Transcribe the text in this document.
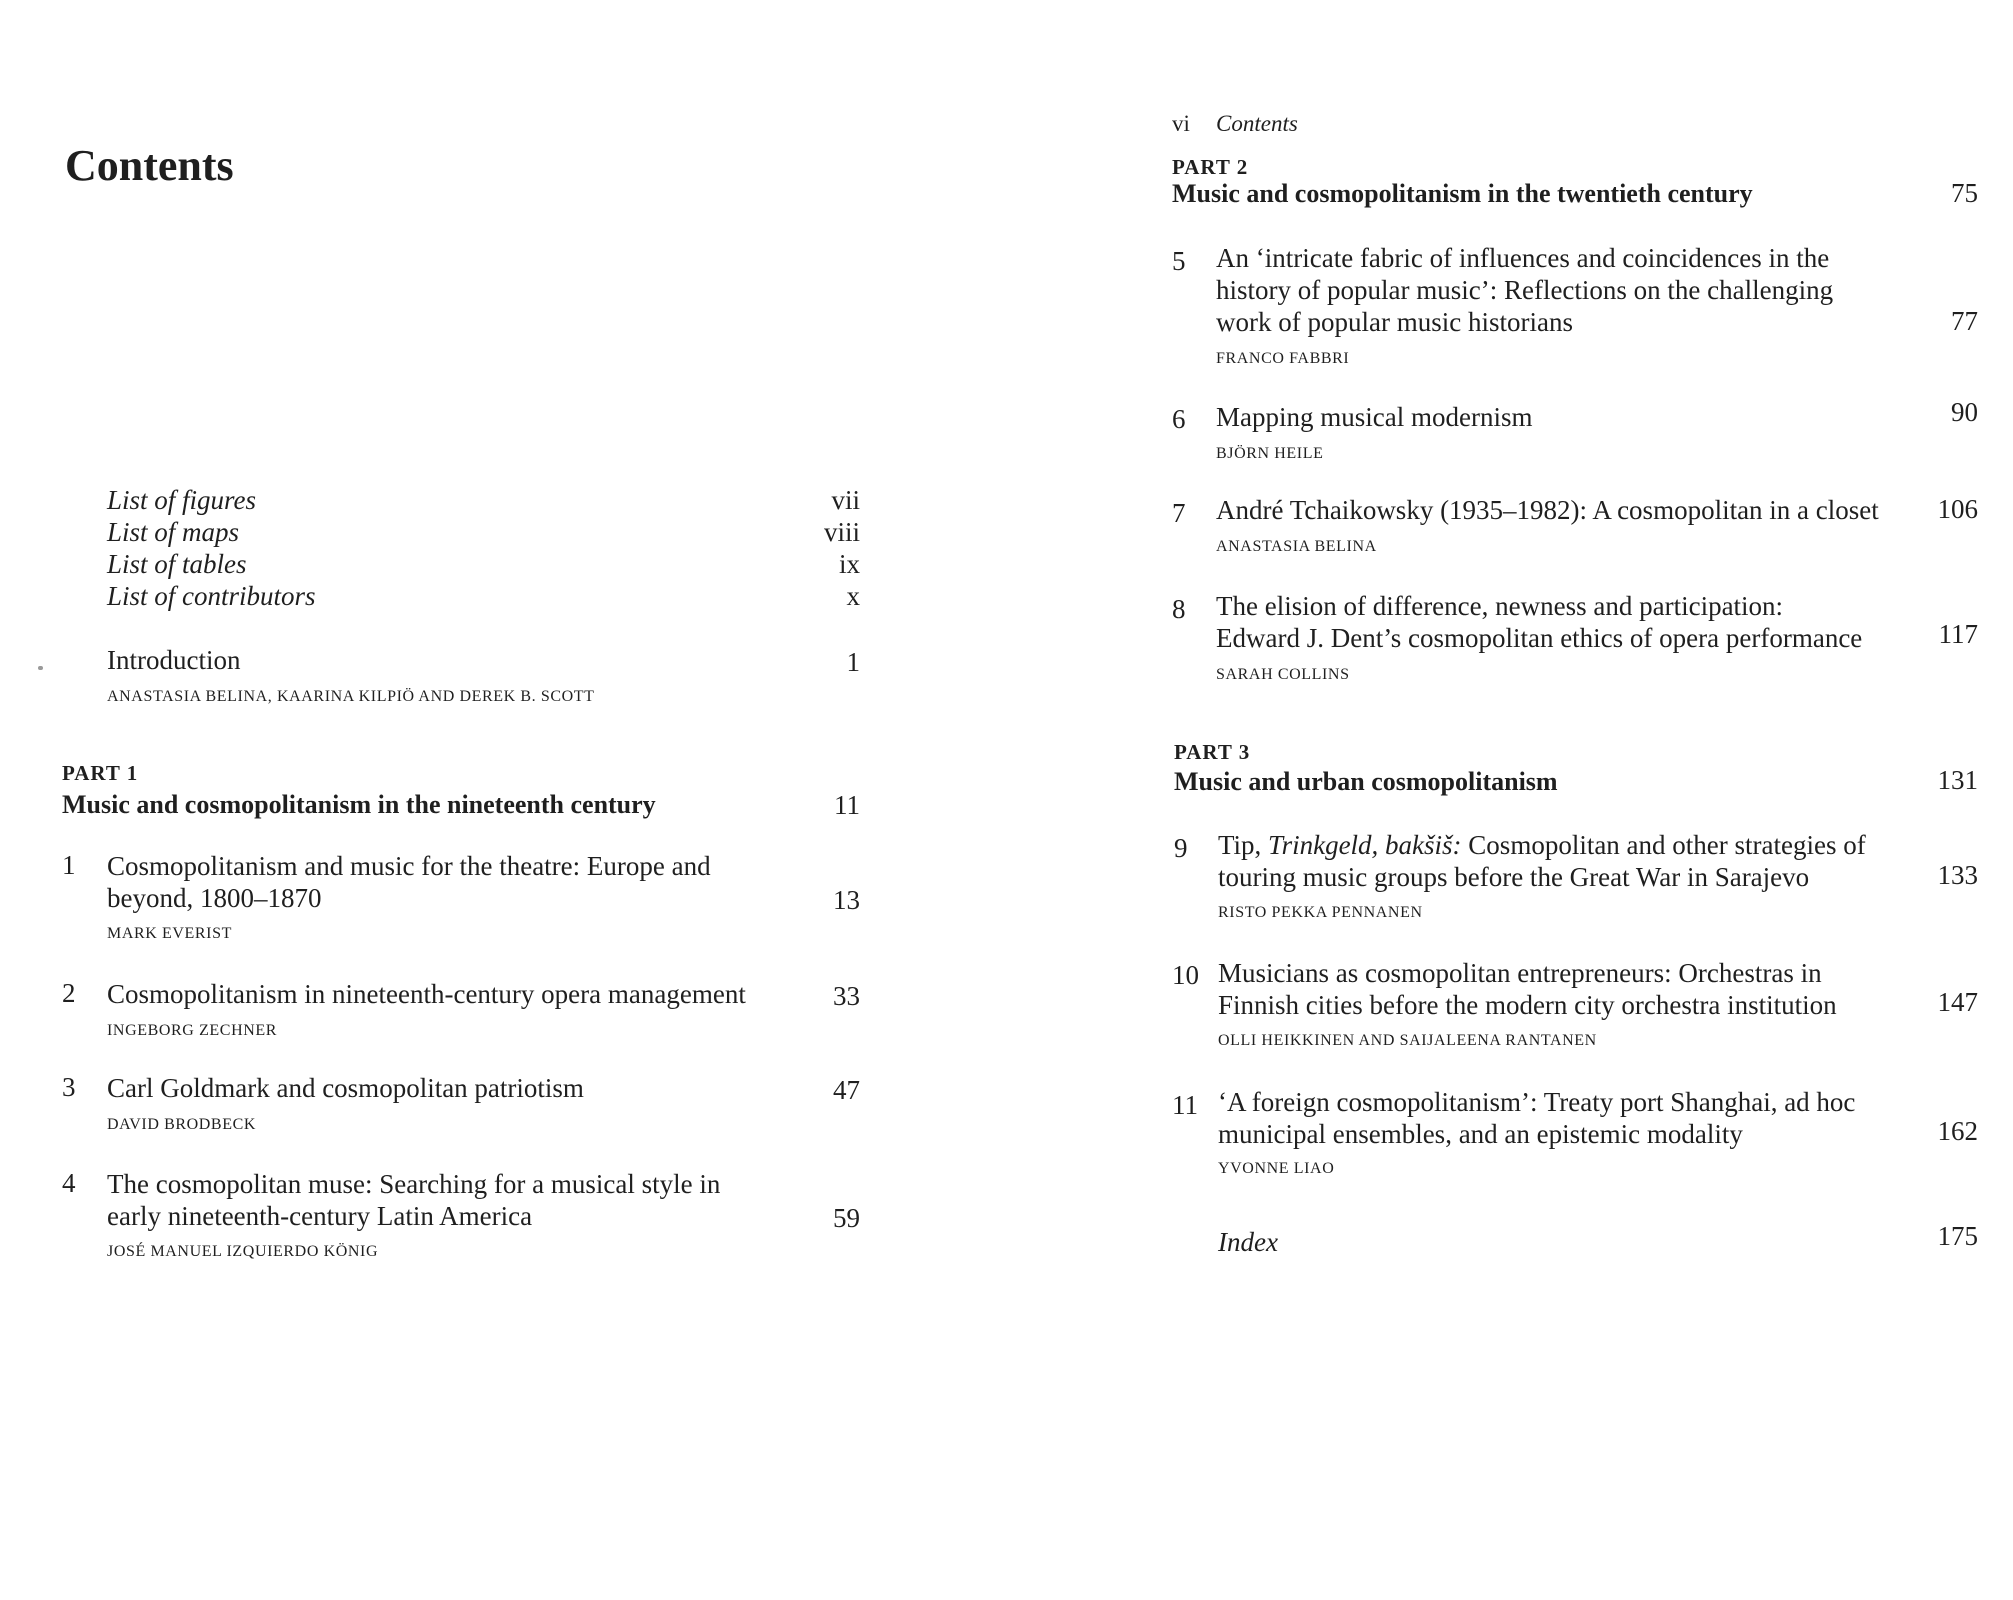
Contents
List of figures	vii
List of maps	viii
List of tables	ix
List of contributors	x
Introduction	1
ANASTASIA BELINA, KAARINA KILPIÖ AND DEREK B. SCOTT
PART 1
Music and cosmopolitanism in the nineteenth century	11
1 Cosmopolitanism and music for the theatre: Europe and
beyond, 1800–1870	13
MARK EVERIST
2 Cosmopolitanism in nineteenth-century opera management	33
INGEBORG ZECHNER
3 Carl Goldmark and cosmopolitan patriotism	47
DAVID BRODBECK
4 The cosmopolitan muse: Searching for a musical style in
early nineteenth-century Latin America	59
JOSÉ MANUEL IZQUIERDO KÖNIG
vi Contents
PART 2
Music and cosmopolitanism in the twentieth century	75
5 An ‘intricate fabric of influences and coincidences in the
history of popular music’: Reflections on the challenging
work of popular music historians	77
FRANCO FABBRI
6 Mapping musical modernism	90
BJÖRN HEILE
7 André Tchaikowsky (1935–1982): A cosmopolitan in a closet	106
ANASTASIA BELINA
8 The elision of difference, newness and participation:
Edward J. Dent’s cosmopolitan ethics of opera performance	117
SARAH COLLINS
PART 3
Music and urban cosmopolitanism	131
9 Tip, Trinkgeld, bakšiš: Cosmopolitan and other strategies of
touring music groups before the Great War in Sarajevo	133
RISTO PEKKA PENNANEN
10 Musicians as cosmopolitan entrepreneurs: Orchestras in
Finnish cities before the modern city orchestra institution	147
OLLI HEIKKINEN AND SAIJALEENA RANTANEN
11 ‘A foreign cosmopolitanism’: Treaty port Shanghai, ad hoc
municipal ensembles, and an epistemic modality	162
YVONNE LIAO
Index	175
